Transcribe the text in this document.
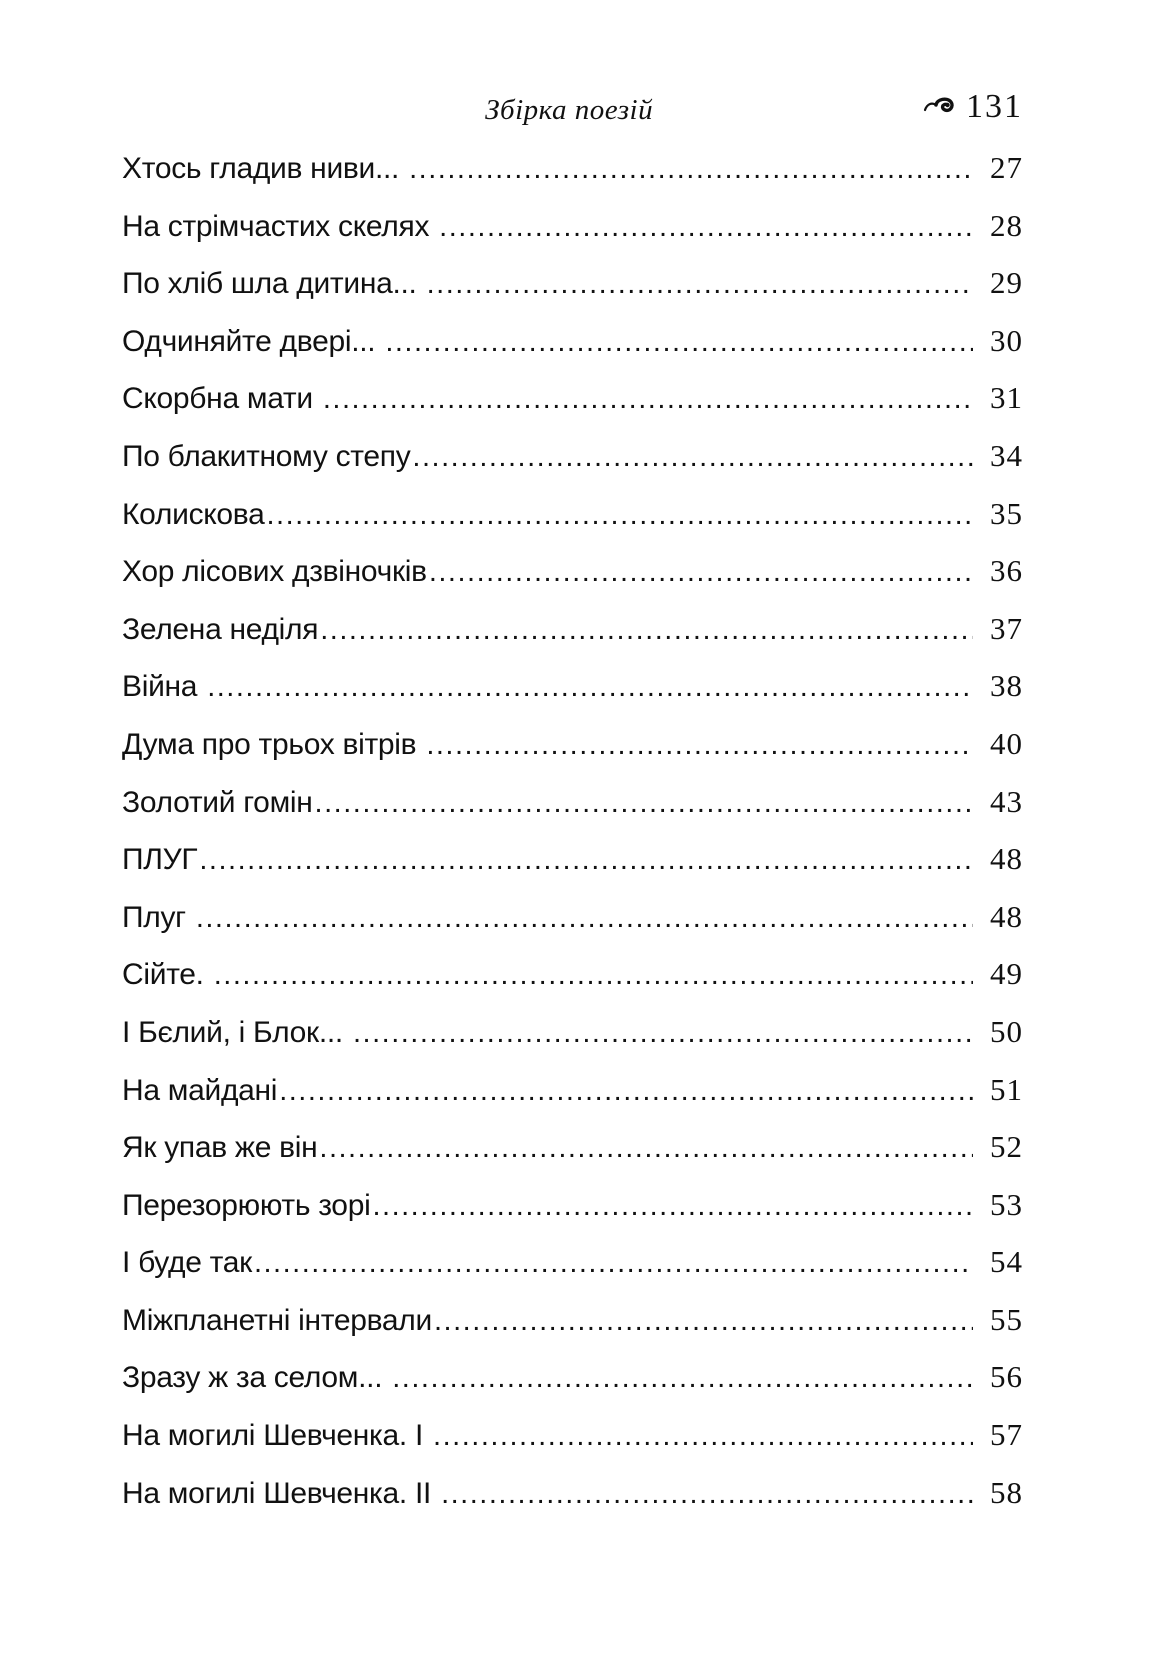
Збірка поезій	131
Хтось гладив ниви... .....	27
На стрімчастих скелях .....	28
По хліб шла дитина... .....	29
Одчиняйте двері... .....	30
Скорбна мати .....	31
По блакитному степу .....	34
Колискова .....	35
Хор лісових дзвіночків .....	36
Зелена неділя .....	37
Війна .....	38
Дума про трьох вітрів .....	40
Золотий гомін .....	43
ПЛУГ .....	48
Плуг .....	48
Сійте. .....	49
І Бєлий, і Блок... .....	50
На майдані .....	51
Як упав же він .....	52
Перезорюють зорі .....	53
І буде так .....	54
Міжпланетні інтервали .....	55
Зразу ж за селом... .....	56
На могилі Шевченка. І .....	57
На могилі Шевченка. ІІ .....	58
